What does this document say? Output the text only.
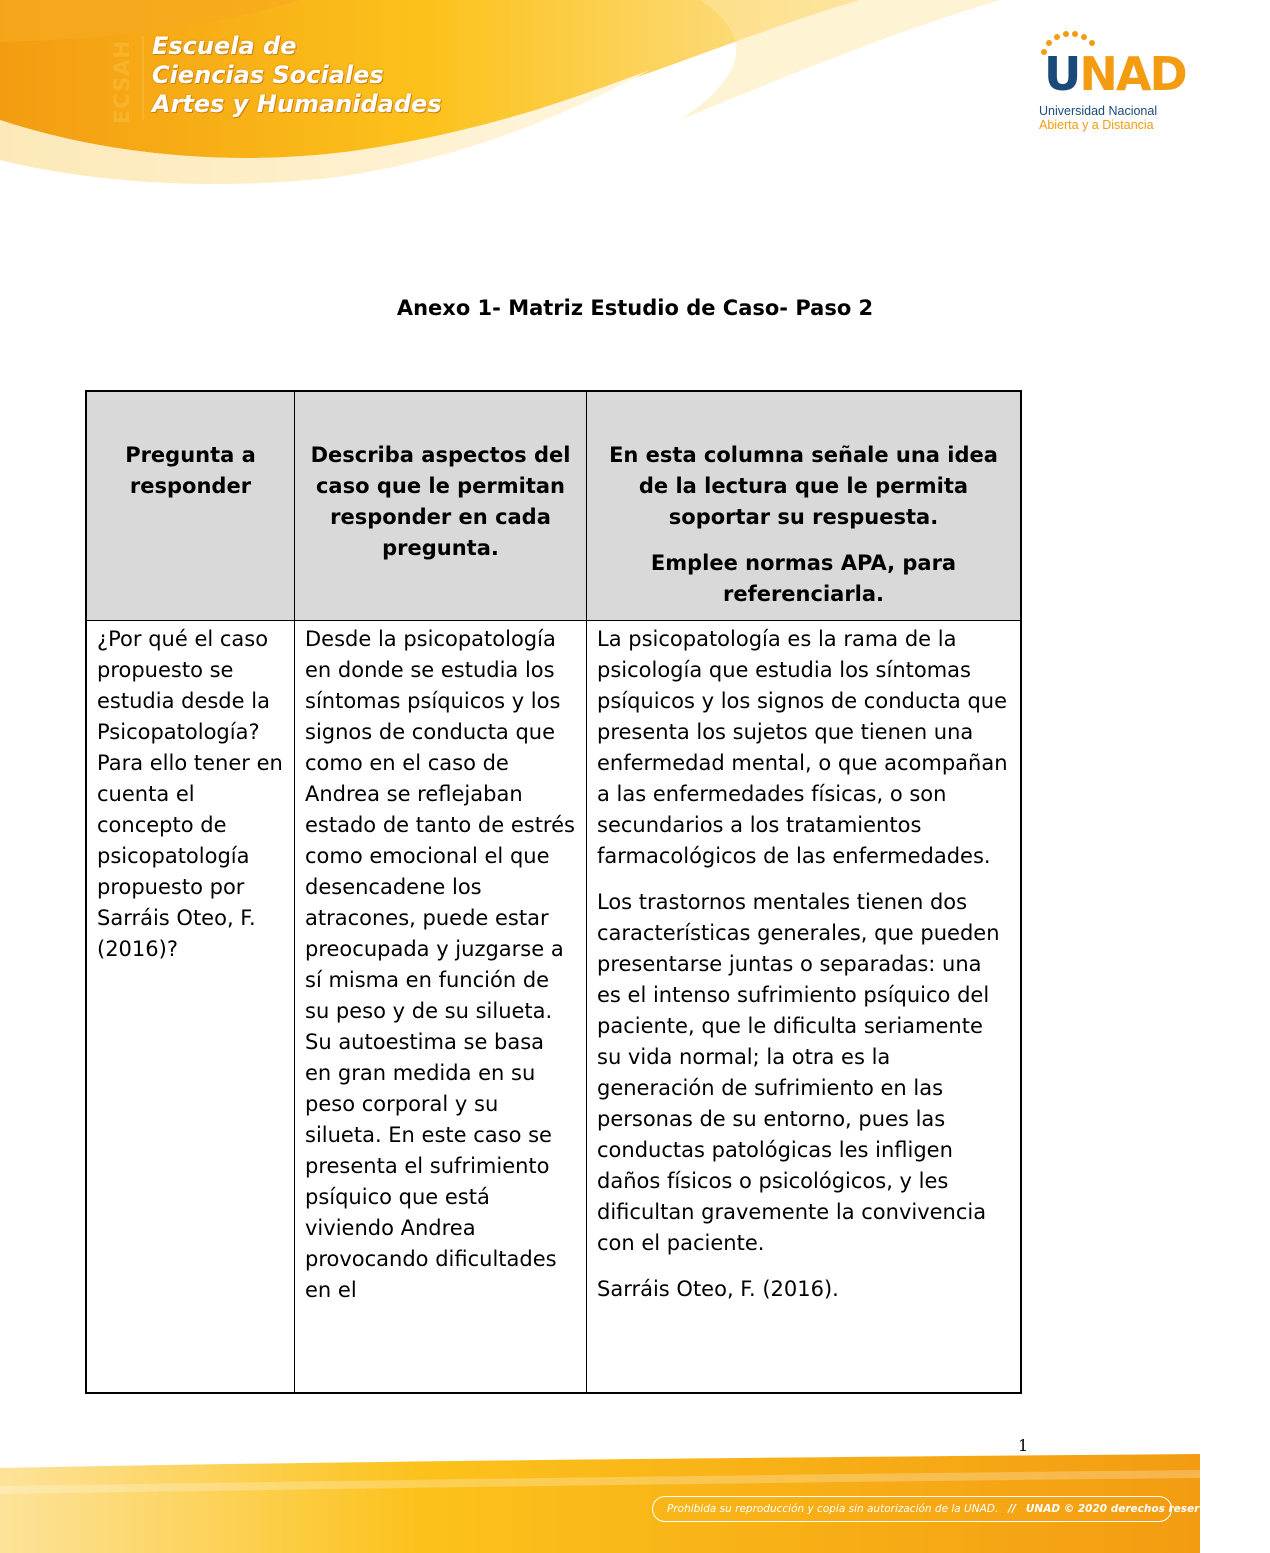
ECSAH Escuela de
Ciencias Sociales
Artes y Humanidades
UNAD
Universidad Nacional
Abierta y a Distancia
Anexo 1- Matriz Estudio de Caso- Paso 2

Pregunta a responder

Describa aspectos del caso que le permitan responder en cada pregunta.

En esta columna señale una idea de la lectura que le permita soportar su respuesta.

Emplee normas APA, para referenciarla.

¿Por qué el caso propuesto se estudia desde la Psicopatología? Para ello tener en cuenta el concepto de psicopatología propuesto por Sarráis Oteo, F. (2016)?

Desde la psicopatología en donde se estudia los síntomas psíquicos y los signos de conducta que como en el caso de Andrea se reflejaban estado de tanto de estrés como emocional el que desencadene los atracones, puede estar preocupada y juzgarse a sí misma en función de su peso y de su silueta. Su autoestima se basa en gran medida en su peso corporal y su silueta. En este caso se presenta el sufrimiento psíquico que está viviendo Andrea provocando dificultades en el

La psicopatología es la rama de la psicología que estudia los síntomas psíquicos y los signos de conducta que presenta los sujetos que tienen una enfermedad mental, o que acompañan a las enfermedades físicas, o son secundarios a los tratamientos farmacológicos de las enfermedades.

Los trastornos mentales tienen dos características generales, que pueden presentarse juntas o separadas: una es el intenso sufrimiento psíquico del paciente, que le dificulta seriamente su vida normal; la otra es la generación de sufrimiento en las personas de su entorno, pues las conductas patológicas les infligen daños físicos o psicológicos, y les dificultan gravemente la convivencia con el paciente.

Sarráis Oteo, F. (2016).

1
Prohibida su reproducción y copia sin autorización de la UNAD. // UNAD © 2020 derechos reservados.
